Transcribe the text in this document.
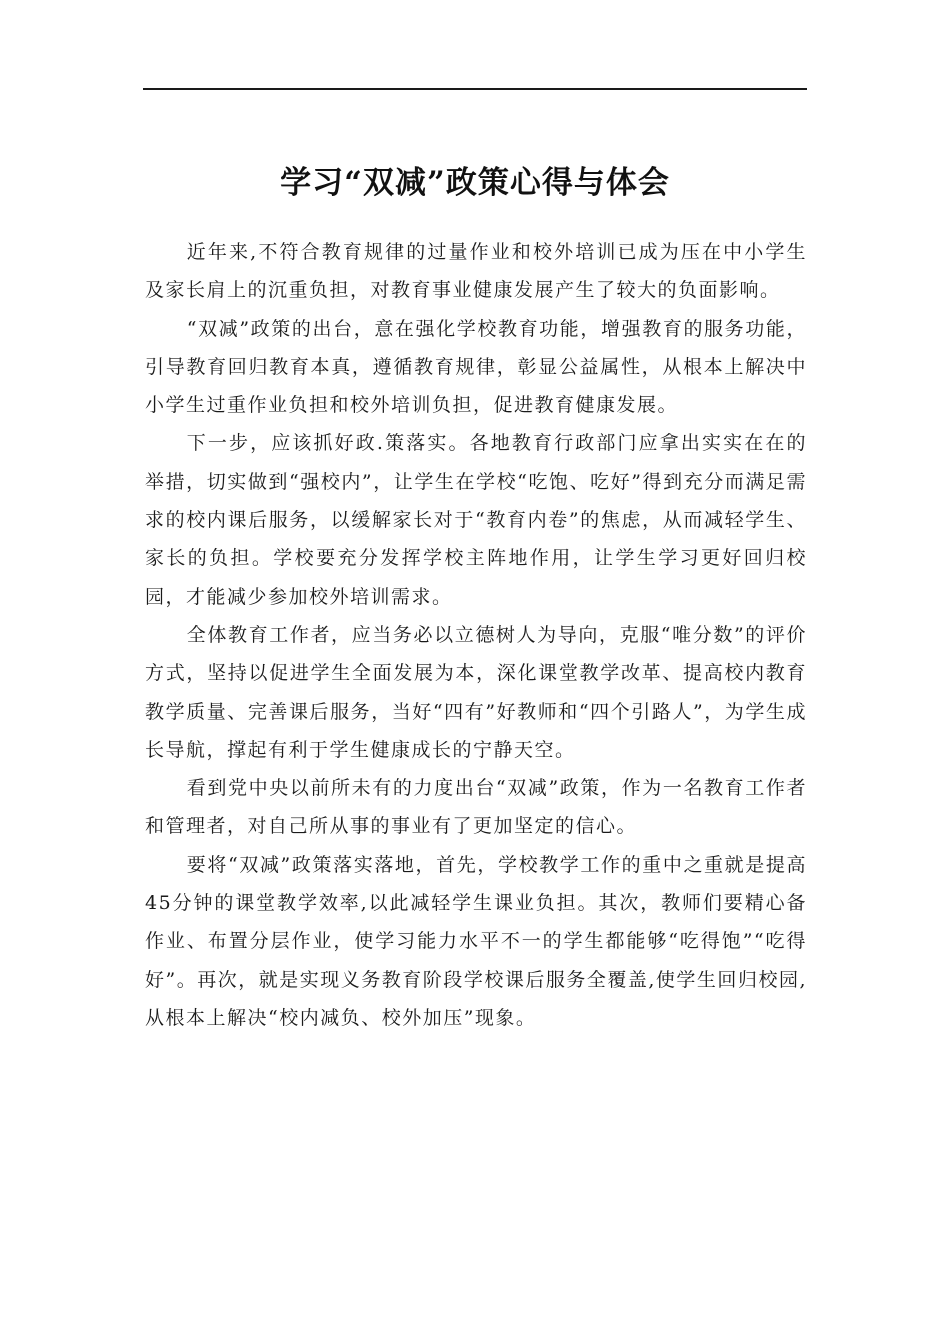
学习“双减”政策心得与体会

近年来,不符合教育规律的过量作业和校外培训已成为压在中小学生及家长肩上的沉重负担，对教育事业健康发展产生了较大的负面影响。

“双减”政策的出台，意在强化学校教育功能，增强教育的服务功能，引导教育回归教育本真，遵循教育规律，彰显公益属性，从根本上解决中小学生过重作业负担和校外培训负担，促进教育健康发展。

下一步，应该抓好政.策落实。各地教育行政部门应拿出实实在在的举措，切实做到“强校内”，让学生在学校“吃饱、吃好”得到充分而满足需求的校内课后服务，以缓解家长对于“教育内卷”的焦虑，从而减轻学生、家长的负担。学校要充分发挥学校主阵地作用，让学生学习更好回归校园，才能减少参加校外培训需求。

全体教育工作者，应当务必以立德树人为导向，克服“唯分数”的评价方式，坚持以促进学生全面发展为本，深化课堂教学改革、提高校内教育教学质量、完善课后服务，当好“四有”好教师和“四个引路人”，为学生成长导航，撑起有利于学生健康成长的宁静天空。

看到党中央以前所未有的力度出台“双减”政策，作为一名教育工作者和管理者，对自己所从事的事业有了更加坚定的信心。

要将“双减”政策落实落地，首先，学校教学工作的重中之重就是提高45分钟的课堂教学效率,以此减轻学生课业负担。其次，教师们要精心备作业、布置分层作业，使学习能力水平不一的学生都能够“吃得饱”“吃得好”。再次，就是实现义务教育阶段学校课后服务全覆盖,使学生回归校园,从根本上解决“校内减负、校外加压”现象。
